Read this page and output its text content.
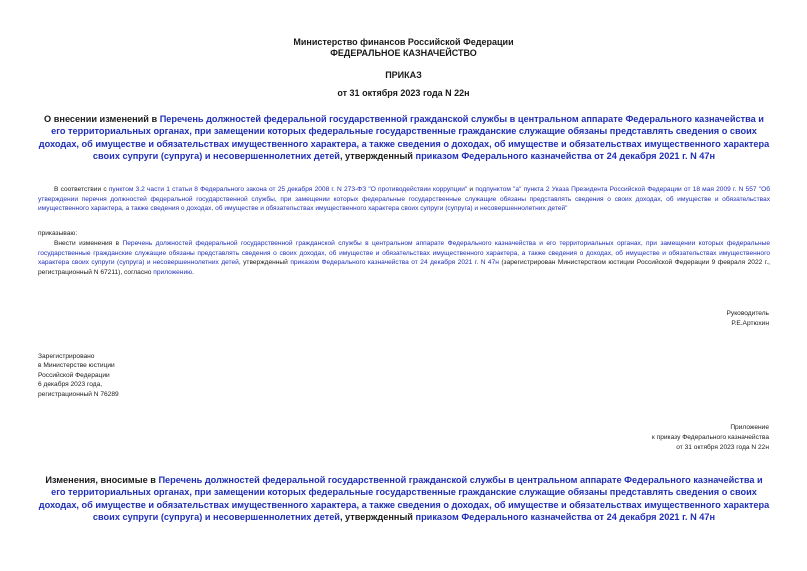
Министерство финансов Российской Федерации
ФЕДЕРАЛЬНОЕ КАЗНАЧЕЙСТВО
ПРИКАЗ
от 31 октября 2023 года N 22н
О внесении изменений в Перечень должностей федеральной государственной гражданской службы в центральном аппарате Федерального казначейства и его территориальных органах, при замещении которых федеральные государственные гражданские служащие обязаны представлять сведения о своих доходах, об имуществе и обязательствах имущественного характера, а также сведения о доходах, об имуществе и обязательствах имущественного характера своих супруги (супруга) и несовершеннолетних детей, утвержденный приказом Федерального казначейства от 24 декабря 2021 г. N 47н
В соответствии с пунктом 3.2 части 1 статьи 8 Федерального закона от 25 декабря 2008 г. N 273-ФЗ "О противодействии коррупции" и подпунктом "а" пункта 2 Указа Президента Российской Федерации от 18 мая 2009 г. N 557 "Об утверждении перечня должностей федеральной государственной службы, при замещении которых федеральные государственные служащие обязаны представлять сведения о своих доходах, об имуществе и обязательствах имущественного характера, а также сведения о доходах, об имуществе и обязательствах имущественного характера своих супруги (супруга) и несовершеннолетних детей"
приказываю:
Внести изменения в Перечень должностей федеральной государственной гражданской службы в центральном аппарате Федерального казначейства и его территориальных органах, при замещении которых федеральные государственные гражданские служащие обязаны представлять сведения о своих доходах, об имуществе и обязательствах имущественного характера, а также сведения о доходах, об имуществе и обязательствах имущественного характера своих супруги (супруга) и несовершеннолетних детей, утвержденный приказом Федерального казначейства от 24 декабря 2021 г. N 47н (зарегистрирован Министерством юстиции Российской Федерации 9 февраля 2022 г., регистрационный N 67211), согласно приложению.
Руководитель
Р.Е.Артюхин
Зарегистрировано
в Министерстве юстиции
Российской Федерации
6 декабря 2023 года,
регистрационный N 76289
Приложение
к приказу Федерального казначейства
от 31 октября 2023 года N 22н
Изменения, вносимые в Перечень должностей федеральной государственной гражданской службы в центральном аппарате Федерального казначейства и его территориальных органах, при замещении которых федеральные государственные гражданские служащие обязаны представлять сведения о своих доходах, об имуществе и обязательствах имущественного характера, а также сведения о доходах, об имуществе и обязательствах имущественного характера своих супруги (супруга) и несовершеннолетних детей, утвержденный приказом Федерального казначейства от 24 декабря 2021 г. N 47н
